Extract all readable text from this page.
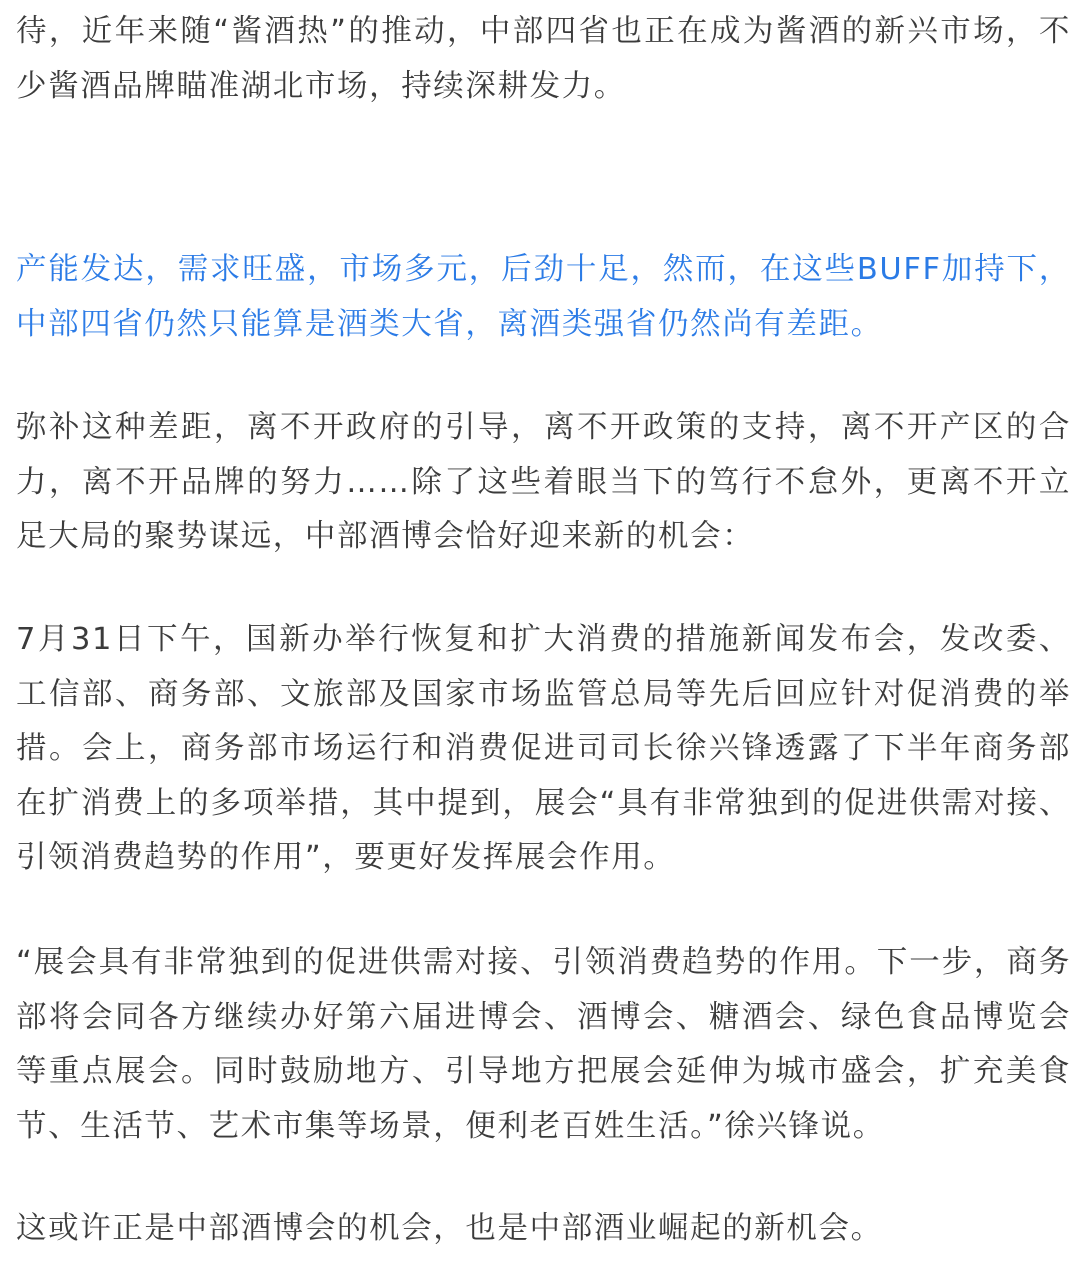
待，近年来随“酱酒热”的推动，中部四省也正在成为酱酒的新兴市场，不少酱酒品牌瞄准湖北市场，持续深耕发力。

产能发达，需求旺盛，市场多元，后劲十足，然而，在这些BUFF加持下，中部四省仍然只能算是酒类大省，离酒类强省仍然尚有差距。

弥补这种差距，离不开政府的引导，离不开政策的支持，离不开产区的合力，离不开品牌的努力……除了这些着眼当下的笃行不怠外，更离不开立足大局的聚势谋远，中部酒博会恰好迎来新的机会：

7月31日下午，国新办举行恢复和扩大消费的措施新闻发布会，发改委、工信部、商务部、文旅部及国家市场监管总局等先后回应针对促消费的举措。会上，商务部市场运行和消费促进司司长徐兴锋透露了下半年商务部在扩消费上的多项举措，其中提到，展会“具有非常独到的促进供需对接、引领消费趋势的作用”，要更好发挥展会作用。

“展会具有非常独到的促进供需对接、引领消费趋势的作用。下一步，商务部将会同各方继续办好第六届进博会、酒博会、糖酒会、绿色食品博览会等重点展会。同时鼓励地方、引导地方把展会延伸为城市盛会，扩充美食节、生活节、艺术市集等场景，便利老百姓生活。”徐兴锋说。

这或许正是中部酒博会的机会，也是中部酒业崛起的新机会。
